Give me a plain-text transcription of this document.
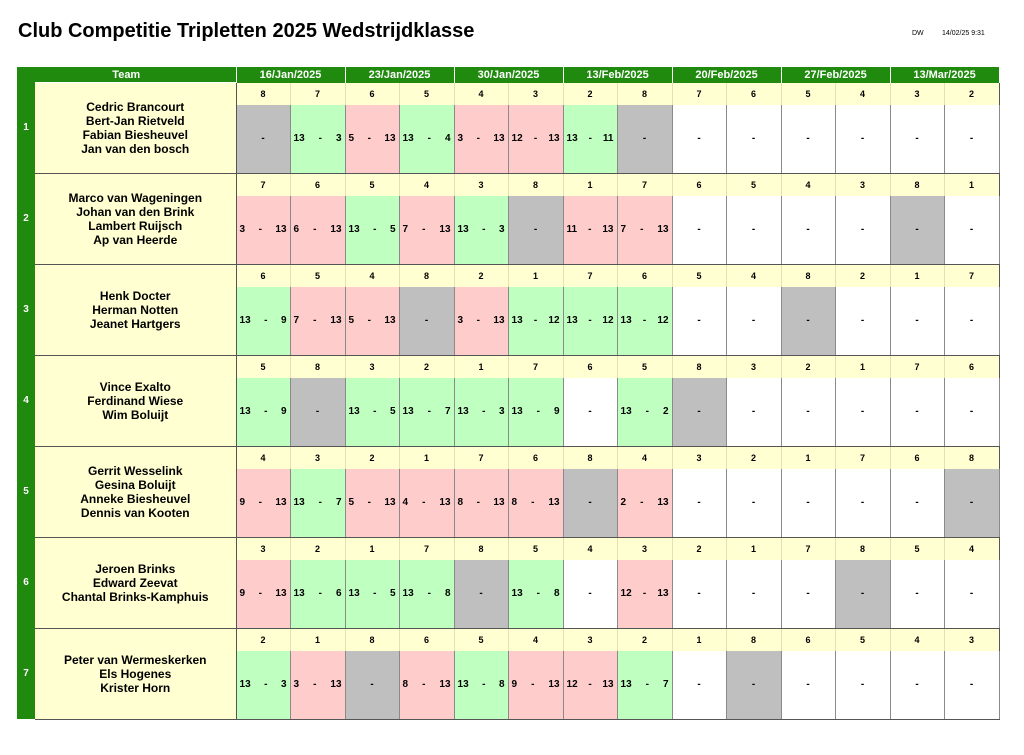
Club Competitie Tripletten 2025 Wedstrijdklasse	DW	14/02/25 9:31
Team		16/Jan/2025		23/Jan/2025		30/Jan/2025		13/Feb/2025		20/Feb/2025		27/Feb/2025		13/Mar/2025	
1	Cedric Brancourt
Bert-Jan Rietveld
Fabian Biesheuvel
Jan van den bosch	8	7	6	5	4	3	2	8	7	6	5	4	3	2
		-	13 - 3	5 - 13	13 - 4	3 - 13	12 - 13	13 - 11	-	-	-	-	-	-	-
2	Marco van Wageningen
Johan van den Brink
Lambert Ruijsch
Ap van Heerde	7	6	5	4	3	8	1	7	6	5	4	3	8	1

		3 - 13	6 - 13	13 - 5	7 - 13	13 - 3	-	11 - 13	7 - 13	-	-	-	-	-	-
3	Henk Docter
Herman Notten
Jeanet Hartgers	6	5	4	8	2	1	7	6	5	4	8	2	1	7

		13 - 9	7 - 13	5 - 13	-	3 - 13	13 - 12	13 - 12	13 - 12	-	-	-	-	-	-
4	Vince Exalto
Ferdinand Wiese
Wim Boluijt	5	8	3	2	1	7	6	5	8	3	2	1	7	6

		13 - 9	-	13 - 5	13 - 7	13 - 3	13 - 9	-	13 - 2	-	-	-	-	-	-
5	Gerrit Wesselink
Gesina Boluijt
Anneke Biesheuvel
Dennis van Kooten	4	3	2	1	7	6	8	4	3	2	1	7	6	8

		9 - 13	13 - 7	5 - 13	4 - 13	8 - 13	8 - 13	-	2 - 13	-	-	-	-	-	-
6	Jeroen Brinks
Edward Zeevat
Chantal Brinks-Kamphuis	3	2	1	7	8	5	4	3	2	1	7	8	5	4

		9 - 13	13 - 6	13 - 5	13 - 8	-	13 - 8	-	12 - 13	-	-	-	-	-	-
7	Peter van Wermeskerken
Els Hogenes
Krister Horn	2	1	8	6	5	4	3	2	1	8	6	5	4	3

		13 - 3	3 - 13	-	8 - 13	13 - 8	9 - 13	12 - 13	13 - 7	-	-	-	-	-	-
